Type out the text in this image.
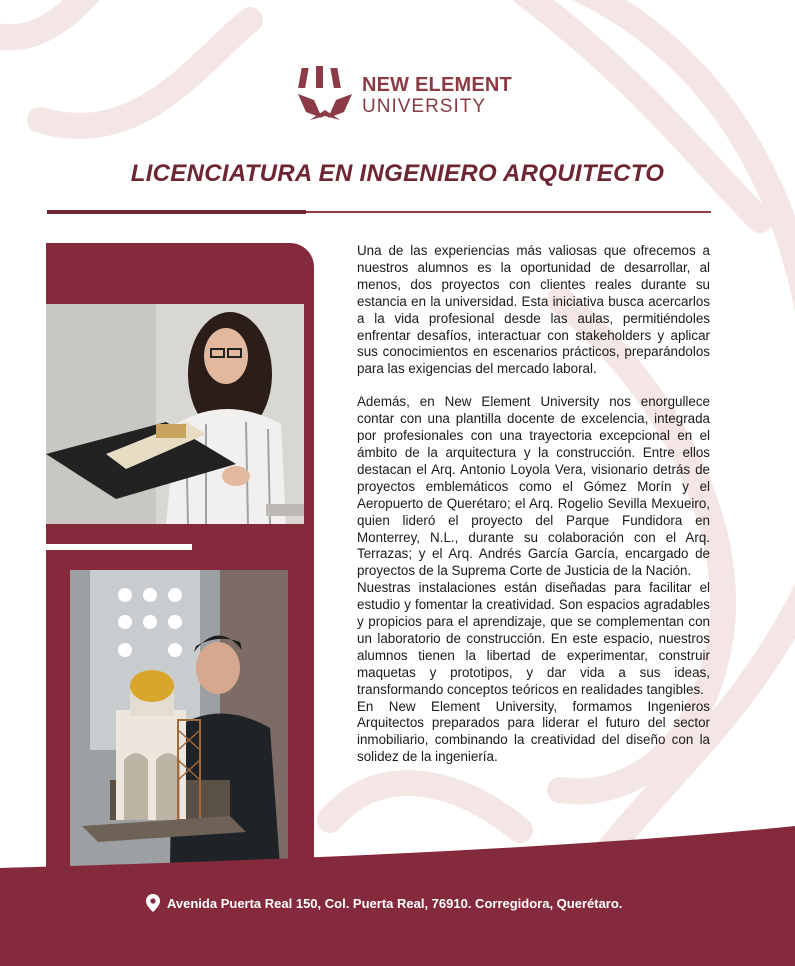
NEW ELEMENT
UNIVERSITY
LICENCIATURA EN INGENIERO ARQUITECTO

Una de las experiencias más valiosas que ofrecemos a nuestros alumnos es la oportunidad de desarrollar, al menos, dos proyectos con clientes reales durante su estancia en la universidad. Esta iniciativa busca acercarlos a la vida profesional desde las aulas, permitiéndoles enfrentar desafíos, interactuar con stakeholders y aplicar sus conocimientos en escenarios prácticos, preparándolos para las exigencias del mercado laboral.

Además, en New Element University nos enorgullece contar con una plantilla docente de excelencia, integrada por profesionales con una trayectoria excepcional en el ámbito de la arquitectura y la construcción. Entre ellos destacan el Arq. Antonio Loyola Vera, visionario detrás de proyectos emblemáticos como el Gómez Morín y el Aeropuerto de Querétaro; el Arq. Rogelio Sevilla Mexueiro, quien lideró el proyecto del Parque Fundidora en Monterrey, N.L., durante su colaboración con el Arq. Terrazas; y el Arq. Andrés García García, encargado de proyectos de la Suprema Corte de Justicia de la Nación.

Nuestras instalaciones están diseñadas para facilitar el estudio y fomentar la creatividad. Son espacios agradables y propicios para el aprendizaje, que se complementan con un laboratorio de construcción. En este espacio, nuestros alumnos tienen la libertad de experimentar, construir maquetas y prototipos, y dar vida a sus ideas, transformando conceptos teóricos en realidades tangibles.

En New Element University, formamos Ingenieros Arquitectos preparados para liderar el futuro del sector inmobiliario, combinando la creatividad del diseño con la solidez de la ingeniería.

Avenida Puerta Real 150, Col. Puerta Real, 76910. Corregidora, Querétaro.
